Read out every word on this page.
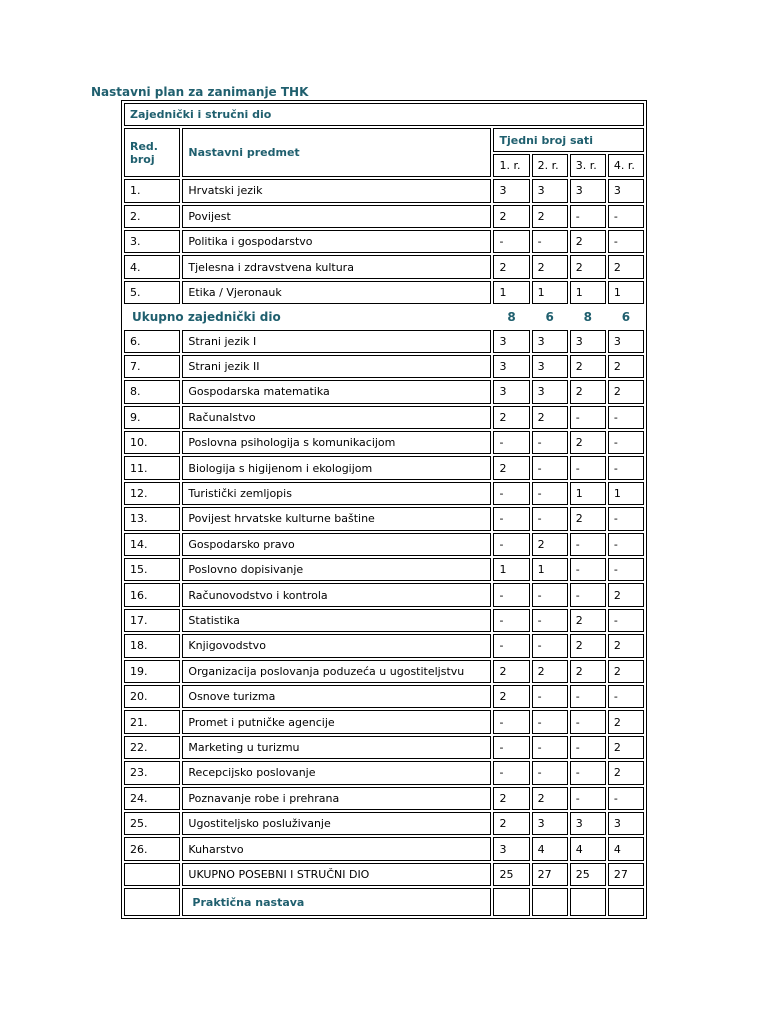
Nastavni plan za zanimanje THK
Zajednički i stručni dio					
Red.
broj	Nastavni predmet	Tjedni broj sati			
		1. r.	2. r.	3. r.	4. r.
1.	Hrvatski jezik	3	3	3	3
2.	Povijest	2	2	-	-
3.	Politika i gospodarstvo	-	-	2	-
4.	Tjelesna i zdravstvena kultura	2	2	2	2
5.	Etika / Vjeronauk	1	1	1	1
Ukupno zajednički dio		8	6	8	6
6.	Strani jezik I	3	3	3	3
7.	Strani jezik II	3	3	2	2
8.	Gospodarska matematika	3	3	2	2
9.	Računalstvo	2	2	-	-
10.	Poslovna psihologija s komunikacijom	-	-	2	-
11.	Biologija s higijenom i ekologijom	2	-	-	-
12.	Turistički zemljopis	-	-	1	1
13.	Povijest hrvatske kulturne baštine	-	-	2	-
14.	Gospodarsko pravo	-	2	-	-
15.	Poslovno dopisivanje	1	1	-	-
16.	Računovodstvo i kontrola	-	-	-	2
17.	Statistika	-	-	2	-
18.	Knjigovodstvo	-	-	2	2
19.	Organizacija poslovanja poduzeća u ugostiteljstvu	2	2	2	2
20.	Osnove turizma	2	-	-	-
21.	Promet i putničke agencije	-	-	-	2
22.	Marketing u turizmu	-	-	-	2
23.	Recepcijsko poslovanje	-	-	-	2
24.	Poznavanje robe i prehrana	2	2	-	-
25.	Ugostiteljsko posluživanje	2	3	3	3
26.	Kuharstvo	3	4	4	4
	UKUPNO POSEBNI I STRUČNI DIO	25	27	25	27
	Praktična nastava				
